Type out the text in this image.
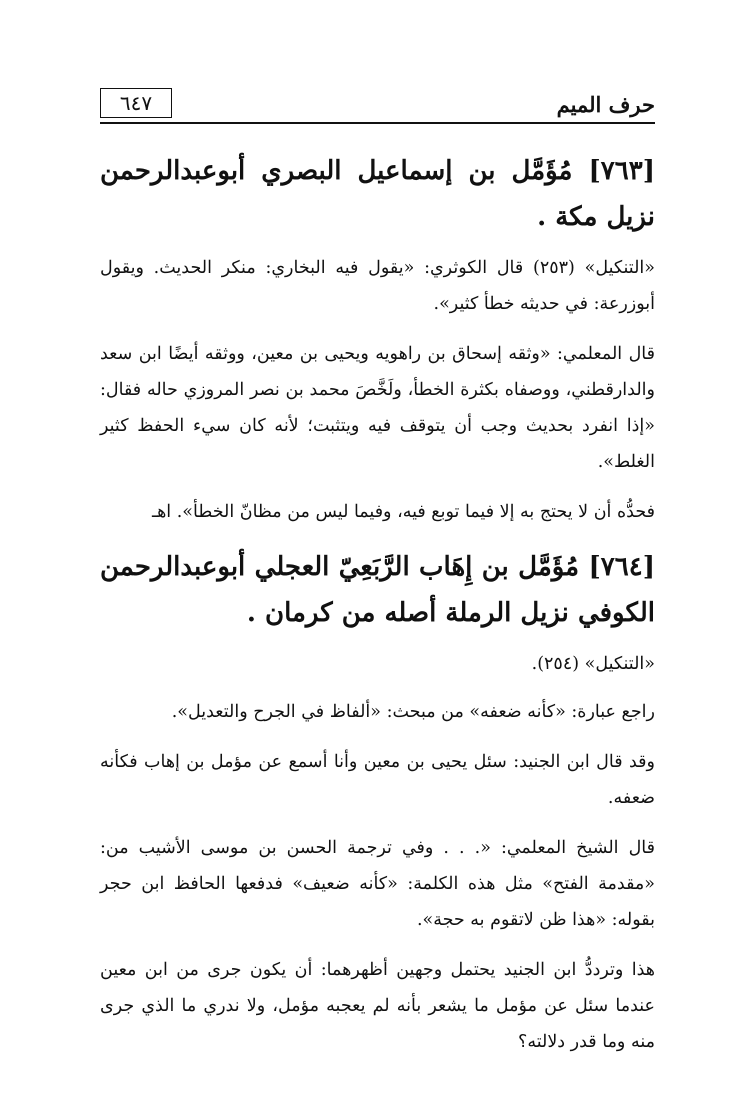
حرف الميم
٦٤٧
[٧٦٣] مُؤَمَّل بن إسماعيل البصري أبوعبدالرحمن نزيل مكة .

«التنكيل» (٢٥٣) قال الكوثري: «يقول فيه البخاري: منكر الحديث. ويقول أبوزرعة: في حديثه خطأ كثير».

قال المعلمي: «وثقه إسحاق بن راهويه ويحيى بن معين، ووثقه أيضًا ابن سعد والدارقطني، ووصفاه بكثرة الخطأ، ولَخَّصَ محمد بن نصر المروزي حاله فقال: «إذا انفرد بحديث وجب أن يتوقف فيه ويتثبت؛ لأنه كان سيء الحفظ كثير الغلط».

فحدُّه أن لا يحتج به إلا فيما توبع فيه، وفيما ليس من مظانّ الخطأ». اهـ

[٧٦٤] مُؤَمَّل بن إِهَاب الرَّبَعِيّ العجلي أبوعبدالرحمن الكوفي نزيل الرملة أصله من كرمان .

«التنكيل» (٢٥٤).

راجع عبارة: «كأنه ضعفه» من مبحث: «ألفاظ في الجرح والتعديل».

وقد قال ابن الجنيد: سئل يحيى بن معين وأنا أسمع عن مؤمل بن إهاب فكأنه ضعفه.

قال الشيخ المعلمي: «. . . وفي ترجمة الحسن بن موسى الأشيب من: «مقدمة الفتح» مثل هذه الكلمة: «كأنه ضعيف» فدفعها الحافظ ابن حجر بقوله: «هذا ظن لاتقوم به حجة».

هذا وترددُّ ابن الجنيد يحتمل وجهين أظهرهما: أن يكون جرى من ابن معين عندما سئل عن مؤمل ما يشعر بأنه لم يعجبه مؤمل، ولا ندري ما الذي جرى منه وما قدر دلالته؟
